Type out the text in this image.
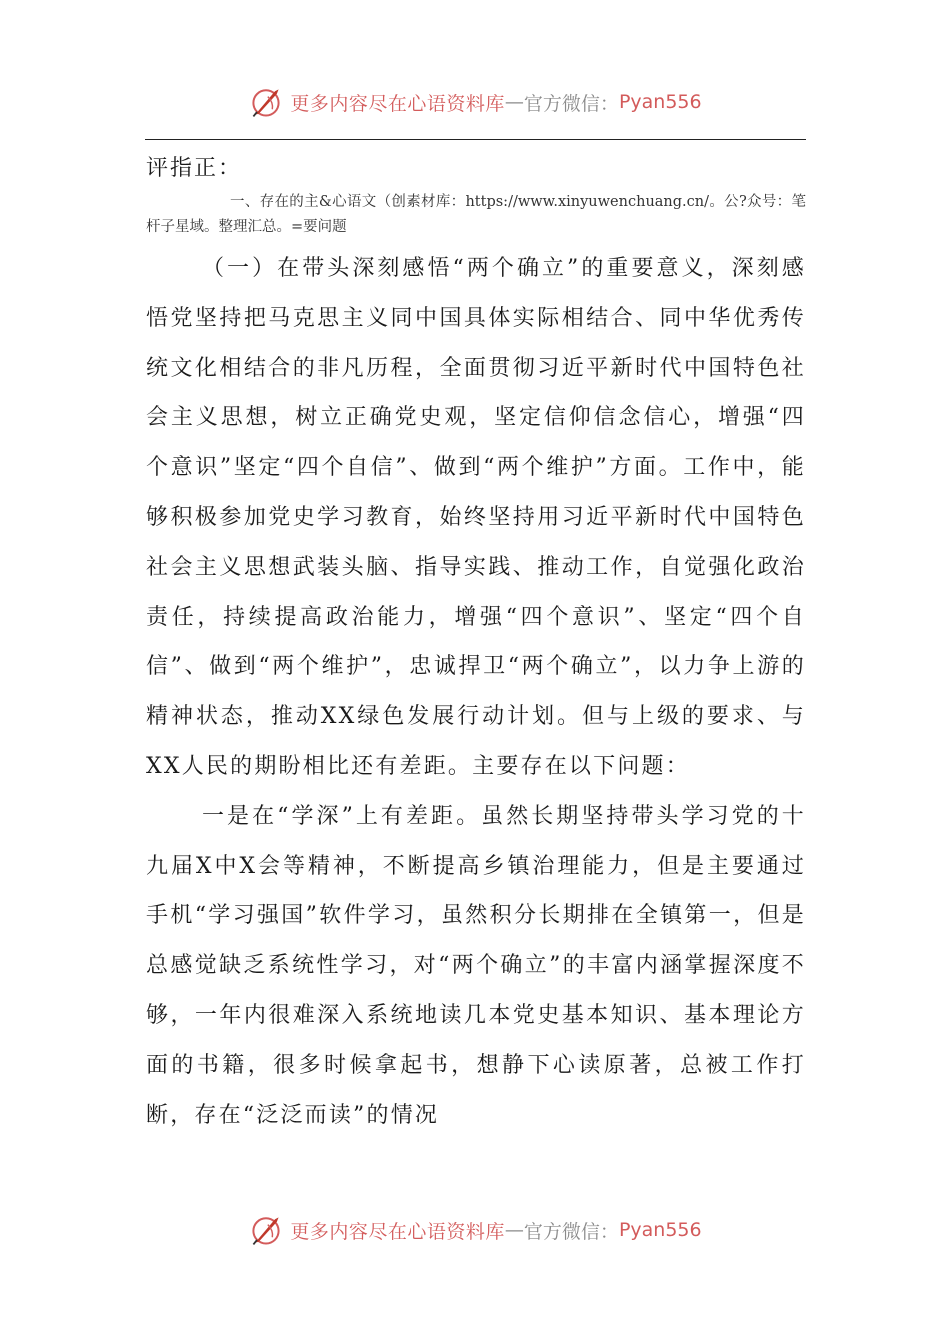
更多内容尽在心语资料库 — 官方微信： Pyan556

评指正：

一、存在的主&心语文（创素材库：https://www.xinyuwenchuang.cn/。公?众号：笔杆子星域。整理汇总。=要问题

（一）在带头深刻感悟“两个确立”的重要意义，深刻感悟党坚持把马克思主义同中国具体实际相结合、同中华优秀传统文化相结合的非凡历程，全面贯彻习近平新时代中国特色社会主义思想，树立正确党史观，坚定信仰信念信心，增强“四个意识”坚定“四个自信”、做到“两个维护”方面。工作中，能够积极参加党史学习教育，始终坚持用习近平新时代中国特色社会主义思想武装头脑、指导实践、推动工作，自觉强化政治责任，持续提高政治能力，增强“四个意识”、坚定“四个自信”、做到“两个维护”，忠诚捍卫“两个确立”，以力争上游的精神状态，推动XX绿色发展行动计划。但与上级的要求、与XX人民的期盼相比还有差距。主要存在以下问题：

一是在“学深”上有差距。虽然长期坚持带头学习党的十九届X中X会等精神，不断提高乡镇治理能力，但是主要通过手机“学习强国”软件学习，虽然积分长期排在全镇第一，但是总感觉缺乏系统性学习，对“两个确立”的丰富内涵掌握深度不够，一年内很难深入系统地读几本党史基本知识、基本理论方面的书籍，很多时候拿起书，想静下心读原著，总被工作打断，存在“泛泛而读”的情况

更多内容尽在心语资料库 — 官方微信： Pyan556
